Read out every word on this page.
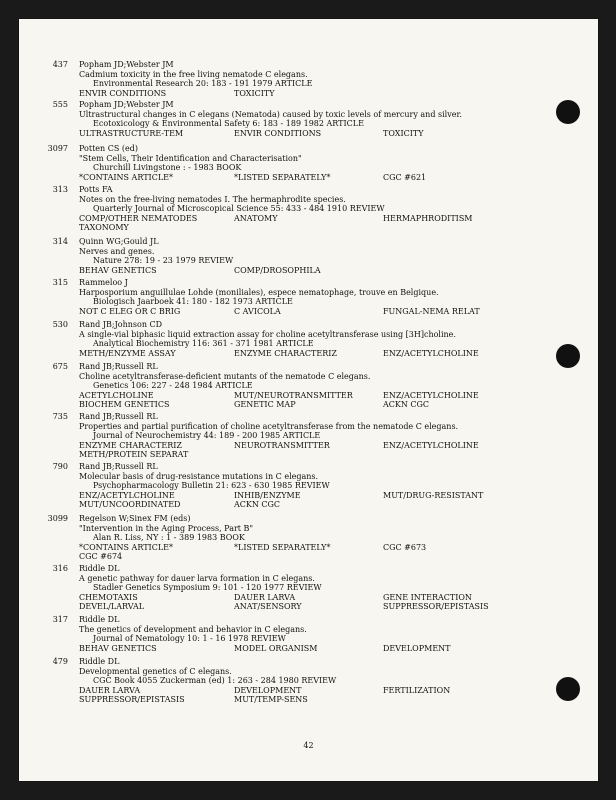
437 Popham JD;Webster JM
Cadmium toxicity in the free living nematode C elegans.
Environmental Research 20: 183 - 191 1979 ARTICLE
ENVIR CONDITIONS	TOXICITY
555 Popham JD;Webster JM
Ultrastructural changes in C elegans (Nematoda) caused by toxic levels of mercury and silver.
Ecotoxicology & Environmental Safety 6: 183 - 189 1982 ARTICLE
ULTRASTRUCTURE-TEM	ENVIR CONDITIONS	TOXICITY
3097 Potten CS (ed)
"Stem Cells, Their Identification and Characterisation"
Churchill Livingstone : - 1983 BOOK
*CONTAINS ARTICLE*	*LISTED SEPARATELY*	CGC #621
313 Potts FA
Notes on the free-living nematodes I. The hermaphrodite species.
Quarterly Journal of Microscopical Science 55: 433 - 484 1910 REVIEW
COMP/OTHER NEMATODES	ANATOMY	HERMAPHRODITISM
TAXONOMY
314 Quinn WG;Gould JL
Nerves and genes.
Nature 278: 19 - 23 1979 REVIEW
BEHAV GENETICS	COMP/DROSOPHILA
315 Rammeloo J
Harposporium anguillulae Lohde (moniliales), espece nematophage, trouve en Belgique.
Biologisch Jaarboek 41: 180 - 182 1973 ARTICLE
NOT C ELEG OR C BRIG	C AVICOLA	FUNGAL-NEMA RELAT
530 Rand JB;Johnson CD
A single-vial biphasic liquid extraction assay for choline acetyltransferase using [3H]choline.
Analytical Biochemistry 116: 361 - 371 1981 ARTICLE
METH/ENZYME ASSAY	ENZYME CHARACTERIZ	ENZ/ACETYLCHOLINE
675 Rand JB;Russell RL
Choline acetyltransferase-deficient mutants of the nematode C elegans.
Genetics 106: 227 - 248 1984 ARTICLE
ACETYLCHOLINE	MUT/NEUROTRANSMITTER	ENZ/ACETYLCHOLINE
BIOCHEM GENETICS	GENETIC MAP	ACKN CGC
735 Rand JB;Russell RL
Properties and partial purification of choline acetyltransferase from the nematode C elegans.
Journal of Neurochemistry 44: 189 - 200 1985 ARTICLE
ENZYME CHARACTERIZ	NEUROTRANSMITTER	ENZ/ACETYLCHOLINE
METH/PROTEIN SEPARAT
790 Rand JB;Russell RL
Molecular basis of drug-resistance mutations in C elegans.
Psychopharmacology Bulletin 21: 623 - 630 1985 REVIEW
ENZ/ACETYLCHOLINE	INHIB/ENZYME	MUT/DRUG-RESISTANT
MUT/UNCOORDINATED	ACKN CGC
3099 Regelson W;Sinex FM (eds)
"Intervention in the Aging Process, Part B"
Alan R. Liss, NY : 1 - 389 1983 BOOK
*CONTAINS ARTICLE*	*LISTED SEPARATELY*	CGC #673
CGC #674
316 Riddle DL
A genetic pathway for dauer larva formation in C elegans.
Stadler Genetics Symposium 9: 101 - 120 1977 REVIEW
CHEMOTAXIS	DAUER LARVA	GENE INTERACTION
DEVEL/LARVAL	ANAT/SENSORY	SUPPRESSOR/EPISTASIS
317 Riddle DL
The genetics of development and behavior in C elegans.
Journal of Nematology 10: 1 - 16 1978 REVIEW
BEHAV GENETICS	MODEL ORGANISM	DEVELOPMENT
479 Riddle DL
Developmental genetics of C elegans.
CGC Book 4055 Zuckerman (ed) 1: 263 - 284 1980 REVIEW
DAUER LARVA	DEVELOPMENT	FERTILIZATION
SUPPRESSOR/EPISTASIS	MUT/TEMP-SENS
42
